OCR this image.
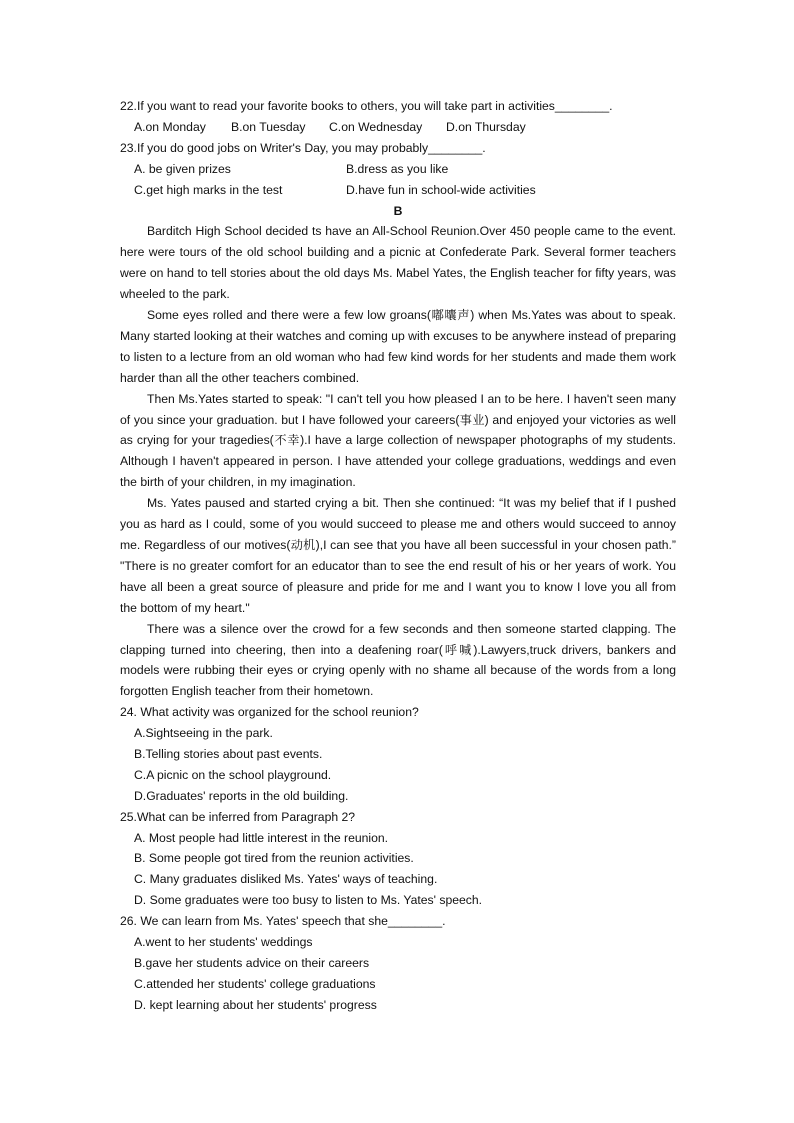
22.If you want to read your favorite books to others, you will take part in activities________.
A.on Monday	B.on Tuesday	C.on Wednesday	D.on Thursday
23.If you do good jobs on Writer's Day, you may probably________.
A. be given prizes	B.dress as you like
C.get high marks in the test	D.have fun in school-wide activities
B

Barditch High School decided ts have an All-School Reunion.Over 450 people came to the event. here were tours of the old school building and a picnic at Confederate Park. Several former teachers were on hand to tell stories about the old days Ms. Mabel Yates, the English teacher for fifty years, was wheeled to the park.

Some eyes rolled and there were a few low groans(嘟囔声) when Ms.Yates was about to speak. Many started looking at their watches and coming up with excuses to be anywhere instead of preparing to listen to a lecture from an old woman who had few kind words for her students and made them work harder than all the other teachers combined.

Then Ms.Yates started to speak: "I can't tell you how pleased I an to be here. I haven't seen many of you since your graduation. but I have followed your careers(事业) and enjoyed your victories as well as crying for your tragedies(不幸).I have a large collection of newspaper photographs of my students. Although I haven't appeared in person. I have attended your college graduations, weddings and even the birth of your children, in my imagination.

Ms. Yates paused and started crying a bit. Then she continued: “It was my belief that if I pushed you as hard as I could, some of you would succeed to please me and others would succeed to annoy me. Regardless of our motives(动机),I can see that you have all been successful in your chosen path.” "There is no greater comfort for an educator than to see the end result of his or her years of work. You have all been a great source of pleasure and pride for me and I want you to know I love you all from the bottom of my heart."

There was a silence over the crowd for a few seconds and then someone started clapping. The clapping turned into cheering, then into a deafening roar(呼喊).Lawyers,truck drivers, bankers and models were rubbing their eyes or crying openly with no shame all because of the words from a long forgotten English teacher from their hometown.

24. What activity was organized for the school reunion?
A.Sightseeing in the park.
B.Telling stories about past events.
C.A picnic on the school playground.
D.Graduates' reports in the old building.
25.What can be inferred from Paragraph 2?
A. Most people had little interest in the reunion.
B. Some people got tired from the reunion activities.
C. Many graduates disliked Ms. Yates' ways of teaching.
D. Some graduates were too busy to listen to Ms. Yates' speech.
26. We can learn from Ms. Yates' speech that she________.
A.went to her students' weddings
B.gave her students advice on their careers
C.attended her students' college graduations
D. kept learning about her students' progress
